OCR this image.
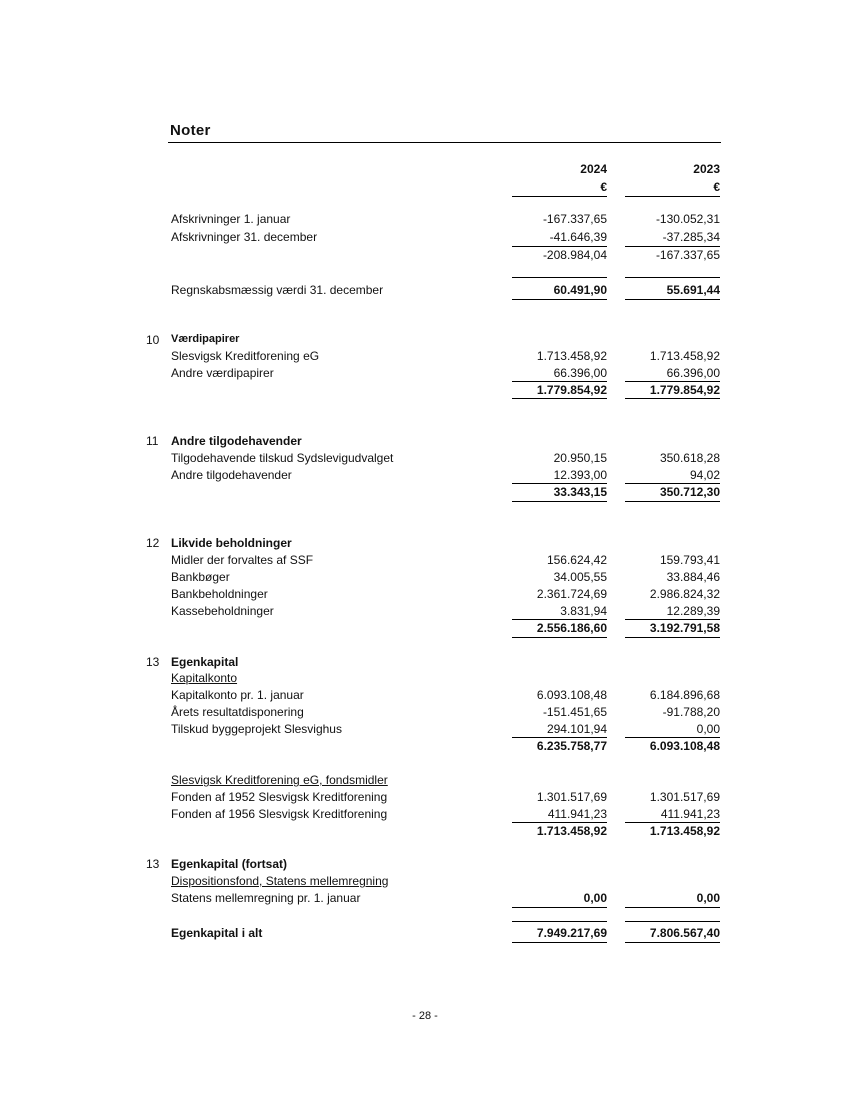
Noter
2024	2023
€	€
Afskrivninger 1. januar	-167.337,65	-130.052,31
Afskrivninger 31. december	-41.646,39	-37.285,34
-208.984,04	-167.337,65
Regnskabsmæssig værdi 31. december	60.491,90	55.691,44
10 Værdipapirer
Slesvigsk Kreditforening eG	1.713.458,92	1.713.458,92
Andre værdipapirer	66.396,00	66.396,00
1.779.854,92	1.779.854,92
11 Andre tilgodehavender
Tilgodehavende tilskud Sydslevigudvalget	20.950,15	350.618,28
Andre tilgodehavender	12.393,00	94,02
33.343,15	350.712,30
12 Likvide beholdninger
Midler der forvaltes af SSF	156.624,42	159.793,41
Bankbøger	34.005,55	33.884,46
Bankbeholdninger	2.361.724,69	2.986.824,32
Kassebeholdninger	3.831,94	12.289,39
2.556.186,60	3.192.791,58
13 Egenkapital
Kapitalkonto
Kapitalkonto pr. 1. januar	6.093.108,48	6.184.896,68
Årets resultatdisponering	-151.451,65	-91.788,20
Tilskud byggeprojekt Slesvighus	294.101,94	0,00
6.235.758,77	6.093.108,48
Slesvigsk Kreditforening eG, fondsmidler
Fonden af 1952 Slesvigsk Kreditforening	1.301.517,69	1.301.517,69
Fonden af 1956 Slesvigsk Kreditforening	411.941,23	411.941,23
1.713.458,92	1.713.458,92
13 Egenkapital (fortsat)
Dispositionsfond, Statens mellemregning
Statens mellemregning pr. 1. januar	0,00	0,00
Egenkapital i alt	7.949.217,69	7.806.567,40
- 28 -
